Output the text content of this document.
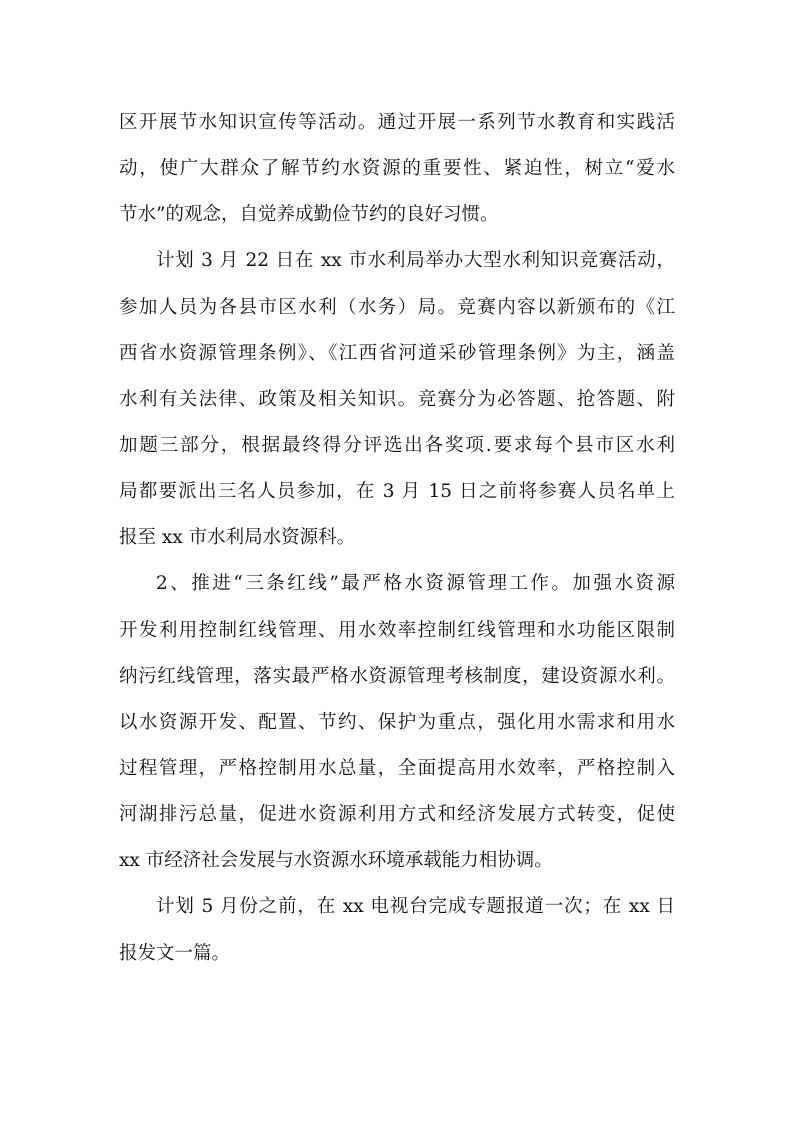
区开展节水知识宣传等活动。通过开展一系列节水教育和实践活
动，使广大群众了解节约水资源的重要性、紧迫性，树立“爱水
节水”的观念，自觉养成勤俭节约的良好习惯。
计划 3 月 22 日在 xx 市水利局举办大型水利知识竞赛活动，
参加人员为各县市区水利（水务）局。竞赛内容以新颁布的《江
西省水资源管理条例》、《江西省河道采砂管理条例》为主，涵盖
水利有关法律、政策及相关知识。竞赛分为必答题、抢答题、附
加题三部分，根据最终得分评选出各奖项.要求每个县市区水利
局都要派出三名人员参加，在 3 月 15 日之前将参赛人员名单上
报至 xx 市水利局水资源科。
2、推进“三条红线”最严格水资源管理工作。加强水资源
开发利用控制红线管理、用水效率控制红线管理和水功能区限制
纳污红线管理，落实最严格水资源管理考核制度，建设资源水利。
以水资源开发、配置、节约、保护为重点，强化用水需求和用水
过程管理，严格控制用水总量，全面提高用水效率，严格控制入
河湖排污总量，促进水资源利用方式和经济发展方式转变，促使
xx 市经济社会发展与水资源水环境承载能力相协调。
计划 5 月份之前，在 xx 电视台完成专题报道一次；在 xx 日
报发文一篇。
